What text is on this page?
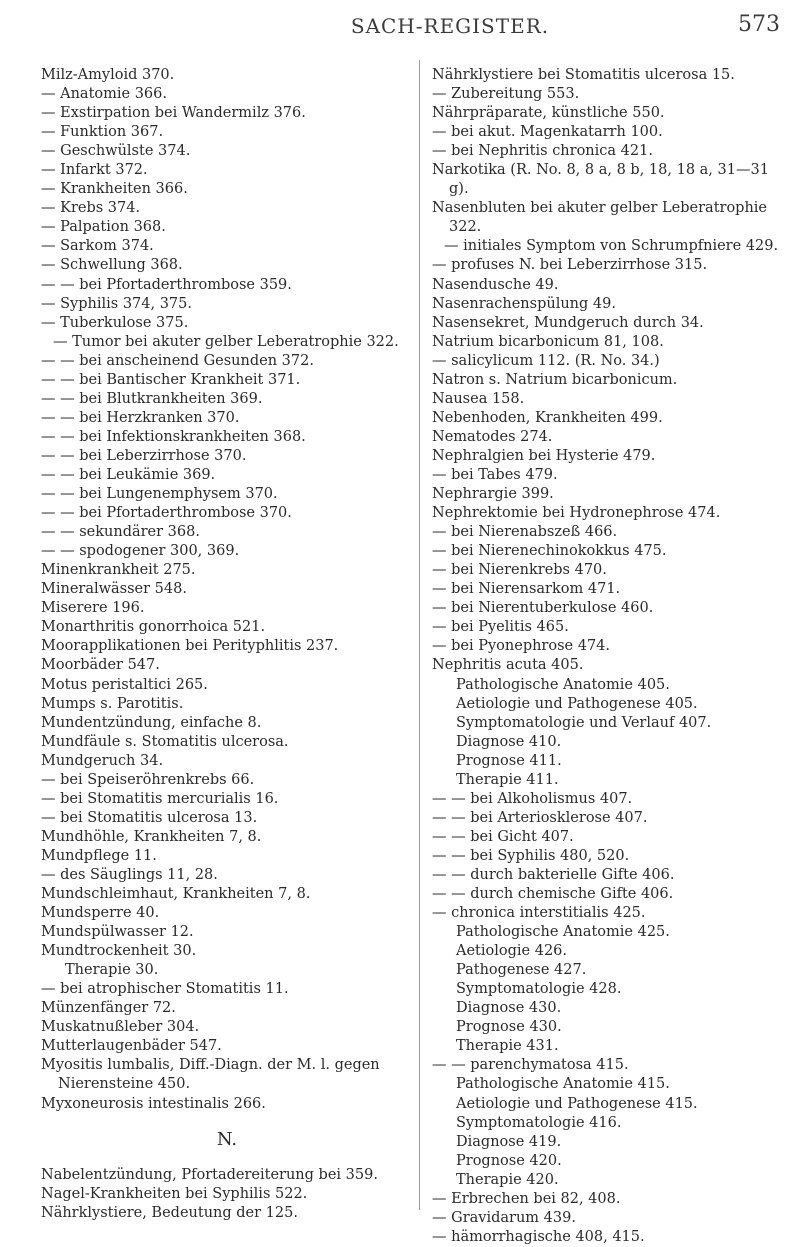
SACH-REGISTER.	573
Milz-Amyloid 370.
— Anatomie 366.
— Exstirpation bei Wandermilz 376.
— Funktion 367.
— Geschwülste 374.
— Infarkt 372.
— Krankheiten 366.
— Krebs 374.
— Palpation 368.
— Sarkom 374.
— Schwellung 368.
— — bei Pfortaderthrombose 359.
— Syphilis 374, 375.
— Tuberkulose 375.
— Tumor bei akuter gelber Leberatrophie 322.
— — bei anscheinend Gesunden 372.
— — bei Bantischer Krankheit 371.
— — bei Blutkrankheiten 369.
— — bei Herzkranken 370.
— — bei Infektionskrankheiten 368.
— — bei Leberzirrhose 370.
— — bei Leukämie 369.
— — bei Lungenemphysem 370.
— — bei Pfortaderthrombose 370.
— — sekundärer 368.
— — spodogener 300, 369.
Minenkrankheit 275.
Mineralwässer 548.
Miserere 196.
Monarthritis gonorrhoica 521.
Moorapplikationen bei Perityphlitis 237.
Moorbäder 547.
Motus peristaltici 265.
Mumps s. Parotitis.
Mundentzündung, einfache 8.
Mundfäule s. Stomatitis ulcerosa.
Mundgeruch 34.
— bei Speiseröhrenkrebs 66.
— bei Stomatitis mercurialis 16.
— bei Stomatitis ulcerosa 13.
Mundhöhle, Krankheiten 7, 8.
Mundpflege 11.
— des Säuglings 11, 28.
Mundschleimhaut, Krankheiten 7, 8.
Mundsperre 40.
Mundspülwasser 12.
Mundtrockenheit 30.
Therapie 30.
— bei atrophischer Stomatitis 11.
Münzenfänger 72.
Muskatnußleber 304.
Mutterlaugenbäder 547.
Myositis lumbalis, Diff.-Diagn. der M. l. gegen Nierensteine 450.
Myxoneurosis intestinalis 266.
N.
Nabelentzündung, Pfortadereiterung bei 359.
Nagel-Krankheiten bei Syphilis 522.
Nährklystiere, Bedeutung der 125.
Nährklystiere bei Stomatitis ulcerosa 15.
— Zubereitung 553.
Nährpräparate, künstliche 550.
— bei akut. Magenkatarrh 100.
— bei Nephritis chronica 421.
Narkotika (R. No. 8, 8 a, 8 b, 18, 18 a, 31—31 g).
Nasenbluten bei akuter gelber Leberatrophie 322.
— initiales Symptom von Schrumpfniere 429.
— profuses N. bei Leberzirrhose 315.
Nasendusche 49.
Nasenrachenspülung 49.
Nasensekret, Mundgeruch durch 34.
Natrium bicarbonicum 81, 108.
— salicylicum 112. (R. No. 34.)
Natron s. Natrium bicarbonicum.
Nausea 158.
Nebenhoden, Krankheiten 499.
Nematodes 274.
Nephralgien bei Hysterie 479.
— bei Tabes 479.
Nephrargie 399.
Nephrektomie bei Hydronephrose 474.
— bei Nierenabszeß 466.
— bei Nierenechinokokkus 475.
— bei Nierenkrebs 470.
— bei Nierensarkom 471.
— bei Nierentuberkulose 460.
— bei Pyelitis 465.
— bei Pyonephrose 474.
Nephritis acuta 405.
Pathologische Anatomie 405.
Aetiologie und Pathogenese 405.
Symptomatologie und Verlauf 407.
Diagnose 410.
Prognose 411.
Therapie 411.
— — bei Alkoholismus 407.
— — bei Arteriosklerose 407.
— — bei Gicht 407.
— — bei Syphilis 480, 520.
— — durch bakterielle Gifte 406.
— — durch chemische Gifte 406.
— chronica interstitialis 425.
Pathologische Anatomie 425.
Aetiologie 426.
Pathogenese 427.
Symptomatologie 428.
Diagnose 430.
Prognose 430.
Therapie 431.
— — parenchymatosa 415.
Pathologische Anatomie 415.
Aetiologie und Pathogenese 415.
Symptomatologie 416.
Diagnose 419.
Prognose 420.
Therapie 420.
— Erbrechen bei 82, 408.
— Gravidarum 439.
— hämorrhagische 408, 415.
